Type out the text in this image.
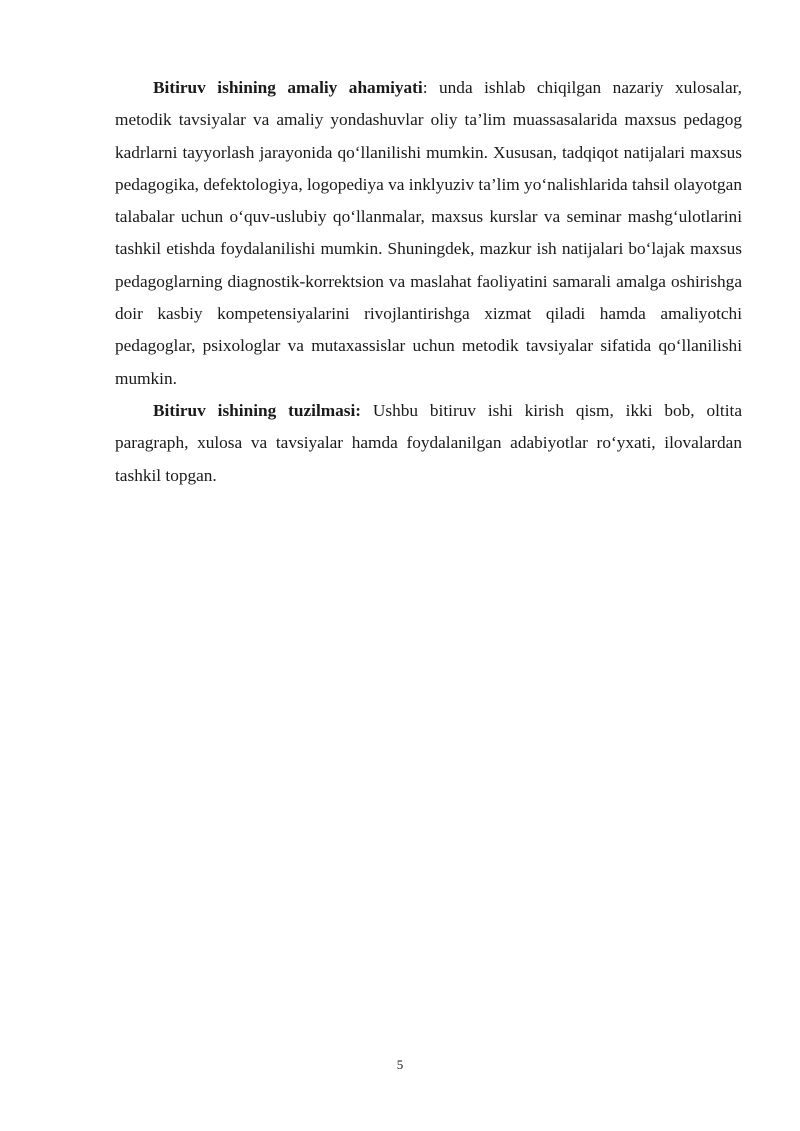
Bitiruv ishining amaliy ahamiyati: unda ishlab chiqilgan nazariy xulosalar, metodik tavsiyalar va amaliy yondashuvlar oliy ta’lim muassasalarida maxsus pedagog kadrlarni tayyorlash jarayonida qo‘llanilishi mumkin. Xususan, tadqiqot natijalari maxsus pedagogika, defektologiya, logopediya va inklyuziv ta’lim yo‘nalishlarida tahsil olayotgan talabalar uchun o‘quv-uslubiy qo‘llanmalar, maxsus kurslar va seminar mashg‘ulotlarini tashkil etishda foydalanilishi mumkin. Shuningdek, mazkur ish natijalari bo‘lajak maxsus pedagoglarning diagnostik-korrektsion va maslahat faoliyatini samarali amalga oshirishga doir kasbiy kompetensiyalarini rivojlantirishga xizmat qiladi hamda amaliyotchi pedagoglar, psixologlar va mutaxassislar uchun metodik tavsiyalar sifatida qo‘llanilishi mumkin.

Bitiruv ishining tuzilmasi: Ushbu bitiruv ishi kirish qism, ikki bob, oltita paragraph, xulosa va tavsiyalar hamda foydalanilgan adabiyotlar ro‘yxati, ilovalardan tashkil topgan.

5
